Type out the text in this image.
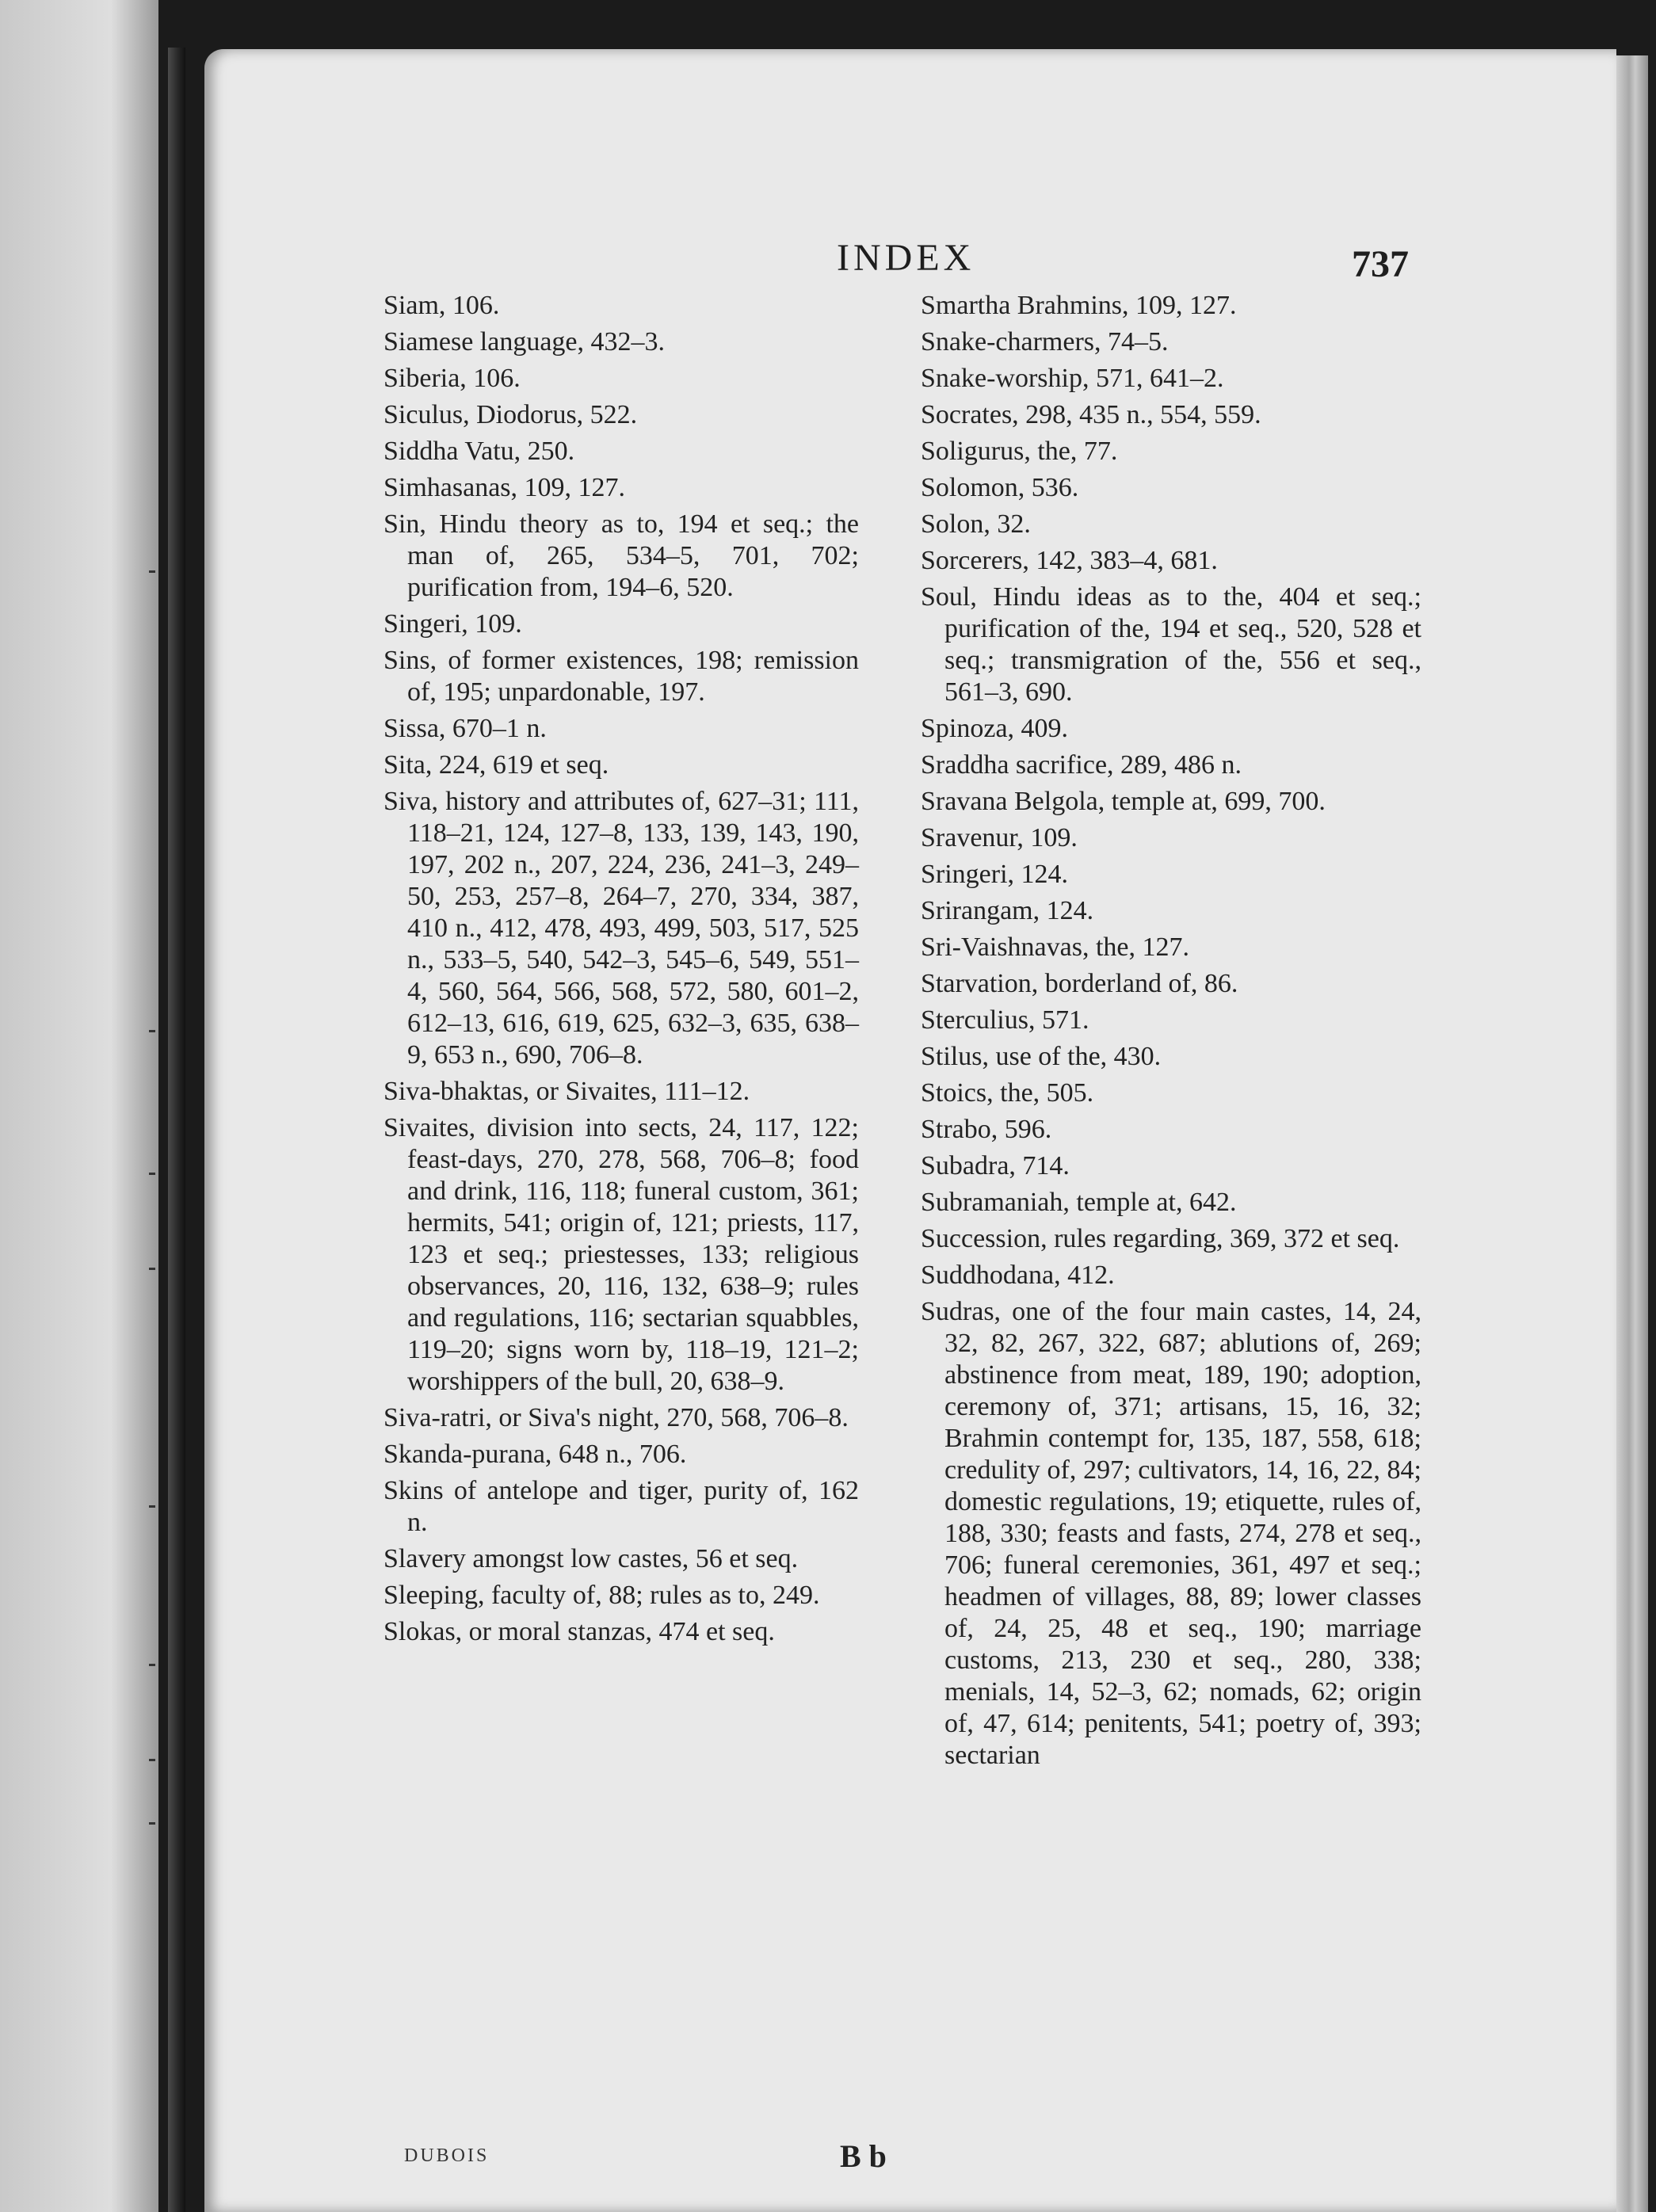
INDEX	737

Siam, 106.

Siamese language, 432–3.

Siberia, 106.

Siculus, Diodorus, 522.

Siddha Vatu, 250.

Simhasanas, 109, 127.

Sin, Hindu theory as to, 194 et seq.; the man of, 265, 534–5, 701, 702; purification from, 194–6, 520.

Singeri, 109.

Sins, of former existences, 198; remission of, 195; unpardonable, 197.

Sissa, 670–1 n.

Sita, 224, 619 et seq.

Siva, history and attributes of, 627–31; 111, 118–21, 124, 127–8, 133, 139, 143, 190, 197, 202 n., 207, 224, 236, 241–3, 249–50, 253, 257–8, 264–7, 270, 334, 387, 410 n., 412, 478, 493, 499, 503, 517, 525 n., 533–5, 540, 542–3, 545–6, 549, 551–4, 560, 564, 566, 568, 572, 580, 601–2, 612–13, 616, 619, 625, 632–3, 635, 638–9, 653 n., 690, 706–8.

Siva-bhaktas, or Sivaites, 111–12.

Sivaites, division into sects, 24, 117, 122; feast-days, 270, 278, 568, 706–8; food and drink, 116, 118; funeral custom, 361; hermits, 541; origin of, 121; priests, 117, 123 et seq.; priestesses, 133; religious observances, 20, 116, 132, 638–9; rules and regulations, 116; sectarian squabbles, 119–20; signs worn by, 118–19, 121–2; worshippers of the bull, 20, 638–9.

Siva-ratri, or Siva's night, 270, 568, 706–8.

Skanda-purana, 648 n., 706.

Skins of antelope and tiger, purity of, 162 n.

Slavery amongst low castes, 56 et seq.

Sleeping, faculty of, 88; rules as to, 249.

Slokas, or moral stanzas, 474 et seq.

Smartha Brahmins, 109, 127.

Snake-charmers, 74–5.

Snake-worship, 571, 641–2.

Socrates, 298, 435 n., 554, 559.

Soligurus, the, 77.

Solomon, 536.

Solon, 32.

Sorcerers, 142, 383–4, 681.

Soul, Hindu ideas as to the, 404 et seq.; purification of the, 194 et seq., 520, 528 et seq.; transmigration of the, 556 et seq., 561–3, 690.

Spinoza, 409.

Sraddha sacrifice, 289, 486 n.

Sravana Belgola, temple at, 699, 700.

Sravenur, 109.

Sringeri, 124.

Srirangam, 124.

Sri-Vaishnavas, the, 127.

Starvation, borderland of, 86.

Sterculius, 571.

Stilus, use of the, 430.

Stoics, the, 505.

Strabo, 596.

Subadra, 714.

Subramaniah, temple at, 642.

Succession, rules regarding, 369, 372 et seq.

Suddhodana, 412.

Sudras, one of the four main castes, 14, 24, 32, 82, 267, 322, 687; ablutions of, 269; abstinence from meat, 189, 190; adoption, ceremony of, 371; artisans, 15, 16, 32; Brahmin contempt for, 135, 187, 558, 618; credulity of, 297; cultivators, 14, 16, 22, 84; domestic regulations, 19; etiquette, rules of, 188, 330; feasts and fasts, 274, 278 et seq., 706; funeral ceremonies, 361, 497 et seq.; headmen of villages, 88, 89; lower classes of, 24, 25, 48 et seq., 190; marriage customs, 213, 230 et seq., 280, 338; menials, 14, 52–3, 62; nomads, 62; origin of, 47, 614; penitents, 541; poetry of, 393; sectarian

DUBOIS	B b
